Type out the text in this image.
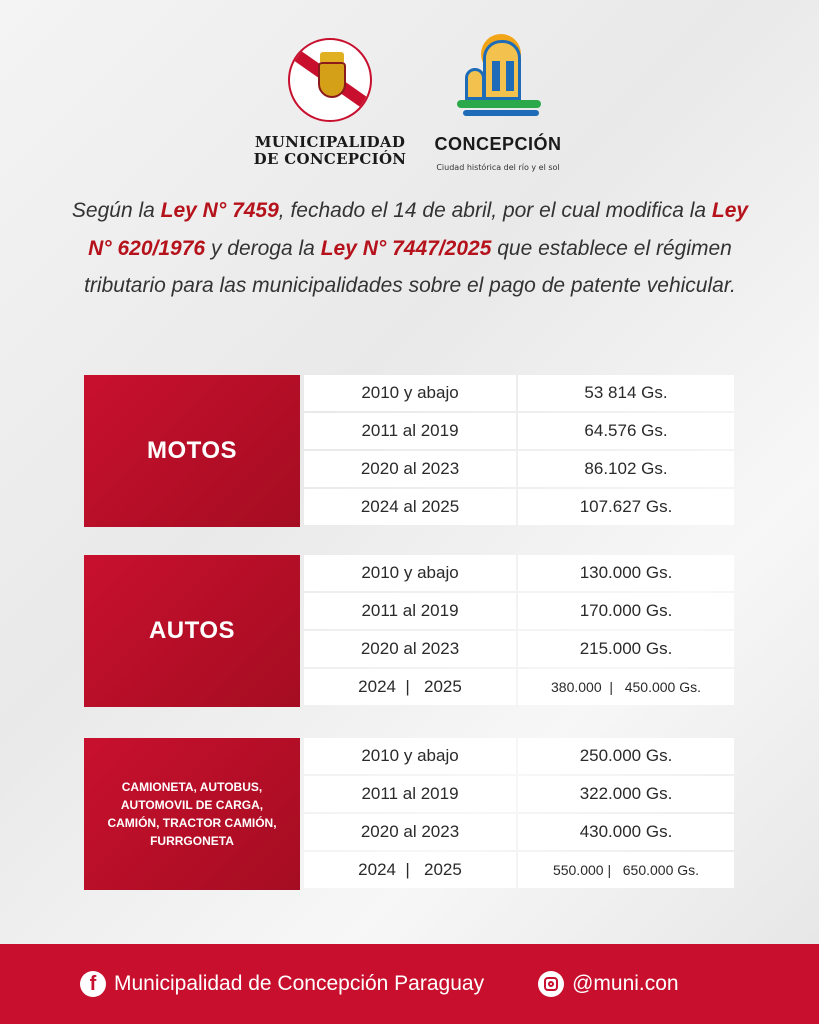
MUNICIPALIDAD
DE CONCEPCIÓN
CONCEPCIÓN
Ciudad histórica del río y el sol

Según la Ley N° 7459, fechado el 14 de abril, por el cual modifica la Ley N° 620/1976 y deroga la Ley N° 7447/2025 que establece el régimen tributario para las municipalidades sobre el pago de patente vehicular.

MOTOS
2010 y abajo	53 814 Gs.
2011 al 2019	64.576 Gs.
2020 al 2023	86.102 Gs.
2024 al 2025	107.627 Gs.
AUTOS
2010 y abajo	130.000 Gs.
2011 al 2019	170.000 Gs.
2020 al 2023	215.000 Gs.
2024  |   2025	380.000  |   450.000 Gs.
CAMIONETA, AUTOBUS,
AUTOMOVIL DE CARGA,
CAMIÓN, TRACTOR CAMIÓN,
FURRGONETA
2010 y abajo	250.000 Gs.
2011 al 2019	322.000 Gs.
2020 al 2023	430.000 Gs.
2024  |   2025	550.000 |   650.000 Gs.
f Municipalidad de Concepción Paraguay	@muni.con
